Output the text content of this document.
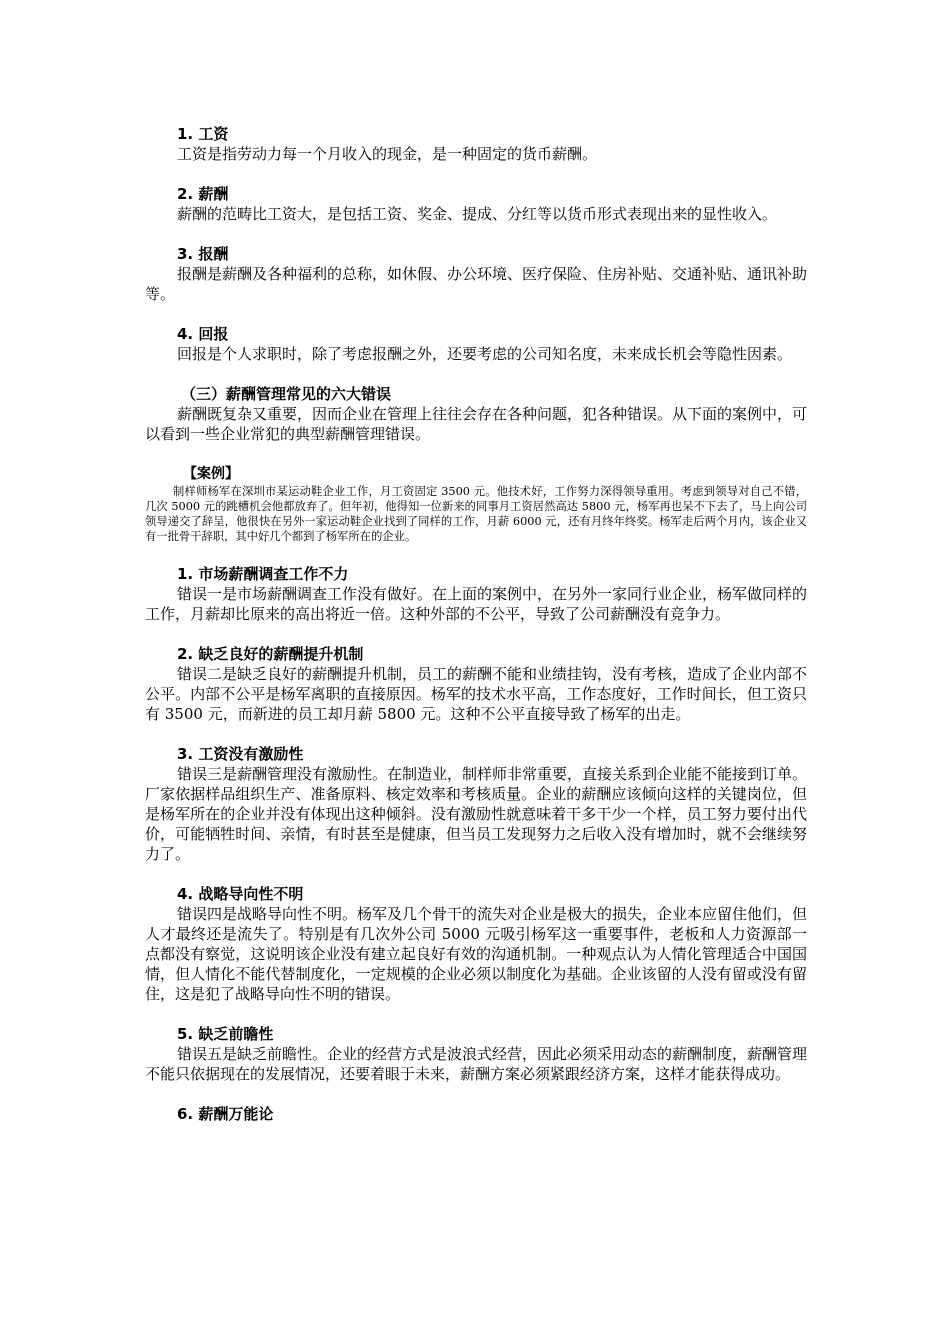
1. 工资

工资是指劳动力每一个月收入的现金，是一种固定的货币薪酬。

2. 薪酬

薪酬的范畴比工资大，是包括工资、奖金、提成、分红等以货币形式表现出来的显性收入。

3. 报酬

报酬是薪酬及各种福利的总称，如休假、办公环境、医疗保险、住房补贴、交通补贴、通讯补助等。

4. 回报

回报是个人求职时，除了考虑报酬之外，还要考虑的公司知名度，未来成长机会等隐性因素。

（三）薪酬管理常见的六大错误

薪酬既复杂又重要，因而企业在管理上往往会存在各种问题，犯各种错误。从下面的案例中，可以看到一些企业常犯的典型薪酬管理错误。

【案例】

制样师杨军在深圳市某运动鞋企业工作，月工资固定 3500 元。他技术好，工作努力深得领导重用。考虑到领导对自己不错，几次 5000 元的跳槽机会他都放弃了。但年初，他得知一位新来的同事月工资居然高达 5800 元，杨军再也呆不下去了，马上向公司领导递交了辞呈，他很快在另外一家运动鞋企业找到了同样的工作，月薪 6000 元，还有月终年终奖。杨军走后两个月内，该企业又有一批骨干辞职，其中好几个都到了杨军所在的企业。

1. 市场薪酬调查工作不力

错误一是市场薪酬调查工作没有做好。在上面的案例中，在另外一家同行业企业，杨军做同样的工作，月薪却比原来的高出将近一倍。这种外部的不公平，导致了公司薪酬没有竞争力。

2. 缺乏良好的薪酬提升机制

错误二是缺乏良好的薪酬提升机制，员工的薪酬不能和业绩挂钩，没有考核，造成了企业内部不公平。内部不公平是杨军离职的直接原因。杨军的技术水平高，工作态度好，工作时间长，但工资只有 3500 元，而新进的员工却月薪 5800 元。这种不公平直接导致了杨军的出走。

3. 工资没有激励性

错误三是薪酬管理没有激励性。在制造业，制样师非常重要，直接关系到企业能不能接到订单。厂家依据样品组织生产、准备原料、核定效率和考核质量。企业的薪酬应该倾向这样的关键岗位，但是杨军所在的企业并没有体现出这种倾斜。没有激励性就意味着干多干少一个样，员工努力要付出代价，可能牺牲时间、亲情，有时甚至是健康，但当员工发现努力之后收入没有增加时，就不会继续努力了。

4. 战略导向性不明

错误四是战略导向性不明。杨军及几个骨干的流失对企业是极大的损失，企业本应留住他们，但人才最终还是流失了。特别是有几次外公司 5000 元吸引杨军这一重要事件，老板和人力资源部一点都没有察觉，这说明该企业没有建立起良好有效的沟通机制。一种观点认为人情化管理适合中国国情，但人情化不能代替制度化，一定规模的企业必须以制度化为基础。企业该留的人没有留或没有留住，这是犯了战略导向性不明的错误。

5. 缺乏前瞻性

错误五是缺乏前瞻性。企业的经营方式是波浪式经营，因此必须采用动态的薪酬制度，薪酬管理不能只依据现在的发展情况，还要着眼于未来，薪酬方案必须紧跟经济方案，这样才能获得成功。

6. 薪酬万能论
